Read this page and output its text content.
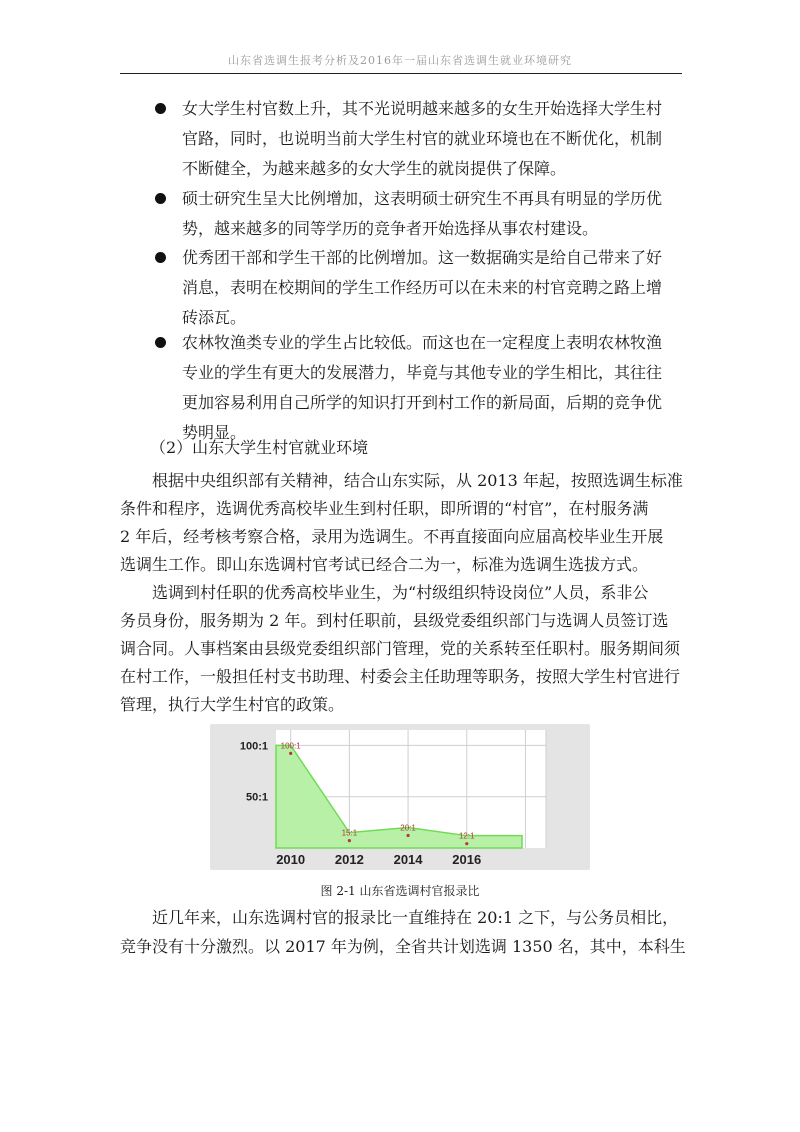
山东省选调生报考分析及2016年一届山东省选调生就业环境研究
女大学生村官数上升，其不光说明越来越多的女生开始选择大学生村
官路，同时，也说明当前大学生村官的就业环境也在不断优化，机制
不断健全，为越来越多的女大学生的就岗提供了保障。
硕士研究生呈大比例增加，这表明硕士研究生不再具有明显的学历优
势，越来越多的同等学历的竞争者开始选择从事农村建设。
优秀团干部和学生干部的比例增加。这一数据确实是给自己带来了好
消息，表明在校期间的学生工作经历可以在未来的村官竞聘之路上增
砖添瓦。
农林牧渔类专业的学生占比较低。而这也在一定程度上表明农林牧渔
专业的学生有更大的发展潜力，毕竟与其他专业的学生相比，其往往
更加容易利用自己所学的知识打开到村工作的新局面，后期的竞争优
势明显。
（2）山东大学生村官就业环境
根据中央组织部有关精神，结合山东实际，从 2013 年起，按照选调生标准
条件和程序，选调优秀高校毕业生到村任职，即所谓的“村官”，在村服务满
2 年后，经考核考察合格，录用为选调生。不再直接面向应届高校毕业生开展
选调生工作。即山东选调村官考试已经合二为一，标准为选调生选拔方式。
选调到村任职的优秀高校毕业生，为“村级组织特设岗位”人员，系非公
务员身份，服务期为 2 年。到村任职前，县级党委组织部门与选调人员签订选
调合同。人事档案由县级党委组织部门管理，党的关系转至任职村。服务期间须
在村工作，一般担任村支书助理、村委会主任助理等职务，按照大学生村官进行
管理，执行大学生村官的政策。
50:1
100:1
2010 2012 2014 2016
100:1
15:1
20:1
12:1
图 2-1 山东省选调村官报录比
近几年来，山东选调村官的报录比一直维持在 20:1 之下，与公务员相比，
竞争没有十分激烈。以 2017 年为例，全省共计划选调 1350 名，其中，本科生
